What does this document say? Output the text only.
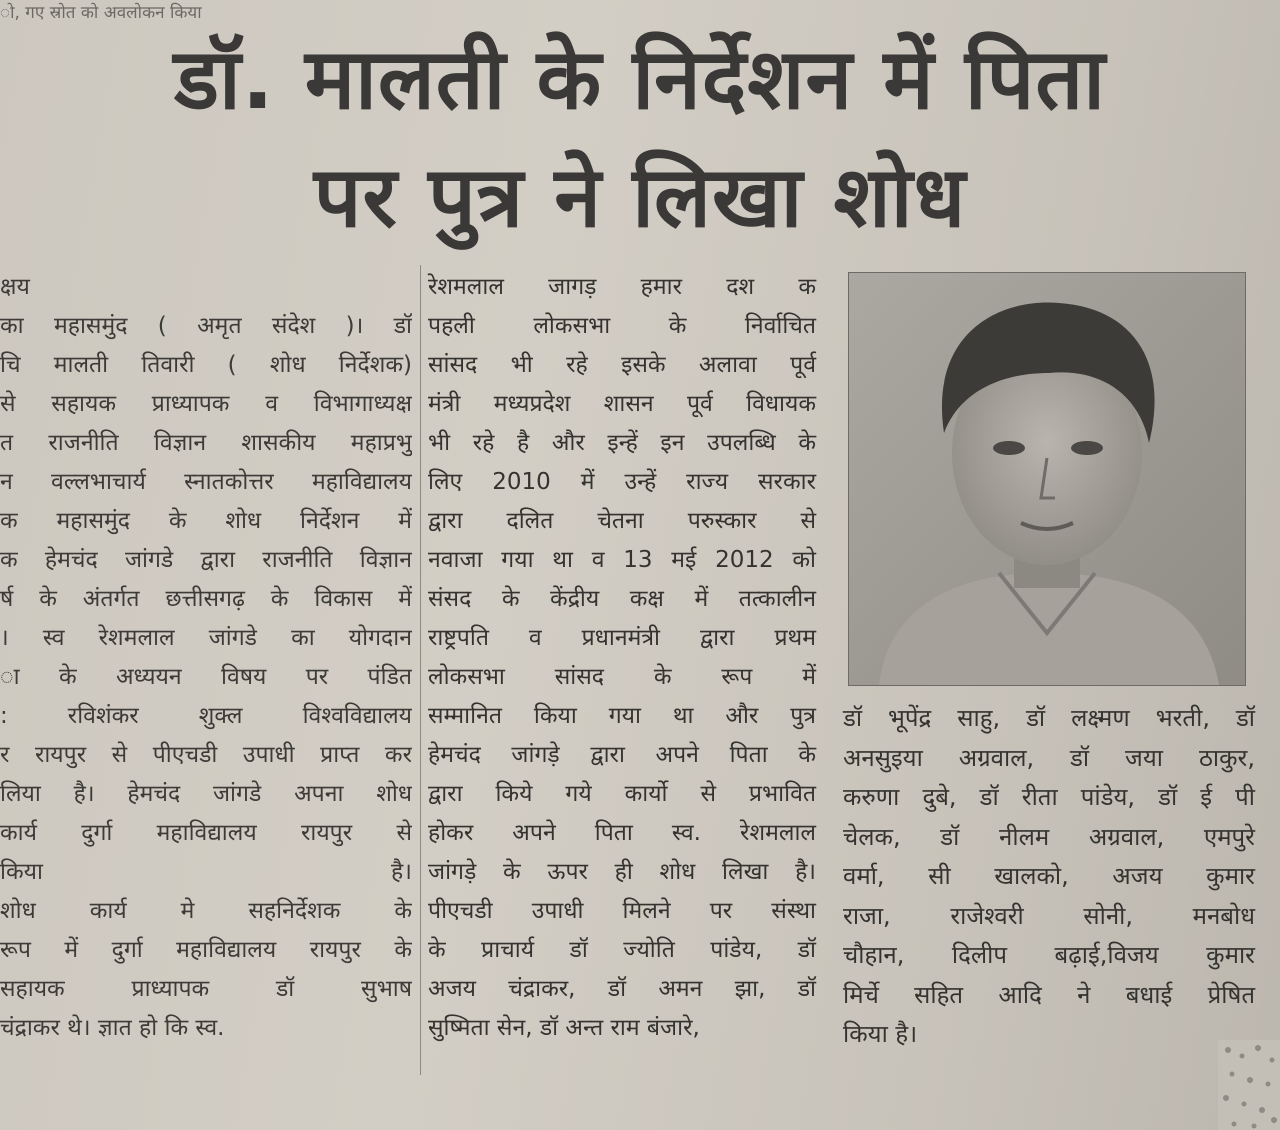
ो, गए स्रोत को अवलोकन किया
डॉ. मालती के निर्देशन में पिता
पर पुत्र ने लिखा शोध
क्षय
का महासमुंद ( अमृत संदेश )। डॉ
चि मालती तिवारी ( शोध निर्देशक)
से सहायक प्राध्यापक व विभागाध्यक्ष
त राजनीति विज्ञान शासकीय महाप्रभु
न वल्लभाचार्य स्नातकोत्तर महाविद्यालय
क महासमुंद के शोध निर्देशन में
क हेमचंद जांगडे द्वारा राजनीति विज्ञान
र्ष के अंतर्गत छत्तीसगढ़ के विकास में
। स्व रेशमलाल जांगडे का योगदान
ा के अध्ययन विषय पर पंडित
: रविशंकर शुक्ल विश्वविद्यालय
र रायपुर से पीएचडी उपाधी प्राप्त कर
लिया है। हेमचंद जांगडे अपना शोध
कार्य दुर्गा महाविद्यालय रायपुर से
किया है।
शोध कार्य मे सहनिर्देशक के
रूप में दुर्गा महाविद्यालय रायपुर के
सहायक प्राध्यापक डॉ सुभाष
चंद्राकर थे। ज्ञात हो कि स्व.
रेशमलाल जागड़ हमार दश क
पहली लोकसभा के निर्वाचित
सांसद भी रहे इसके अलावा पूर्व
मंत्री मध्यप्रदेश शासन पूर्व विधायक
भी रहे है और इन्हें इन उपलब्धि के
लिए 2010 में उन्हें राज्य सरकार
द्वारा दलित चेतना परुस्कार से
नवाजा गया था व 13 मई 2012 को
संसद के केंद्रीय कक्ष में तत्कालीन
राष्ट्रपति व प्रधानमंत्री द्वारा प्रथम
लोकसभा सांसद के रूप में
सम्मानित किया गया था और पुत्र
हेमचंद जांगड़े द्वारा अपने पिता के
द्वारा किये गये कार्यो से प्रभावित
होकर अपने पिता स्व. रेशमलाल
जांगड़े के ऊपर ही शोध लिखा है।
पीएचडी उपाधी मिलने पर संस्था
के प्राचार्य डॉ ज्योति पांडेय, डॉ
अजय चंद्राकर, डॉ अमन झा, डॉ
सुष्मिता सेन, डॉ अन्त राम बंजारे,
डॉ भूपेंद्र साहु, डॉ लक्ष्मण भरती, डॉ
अनसुइया अग्रवाल, डॉ जया ठाकुर,
करुणा दुबे, डॉ रीता पांडेय, डॉ ई पी
चेलक, डॉ नीलम अग्रवाल, एमपुरे
वर्मा, सी खालको, अजय कुमार
राजा, राजेश्वरी सोनी, मनबोध
चौहान, दिलीप बढ़ाई,विजय कुमार
मिर्चे सहित आदि ने बधाई प्रेषित
किया है।
